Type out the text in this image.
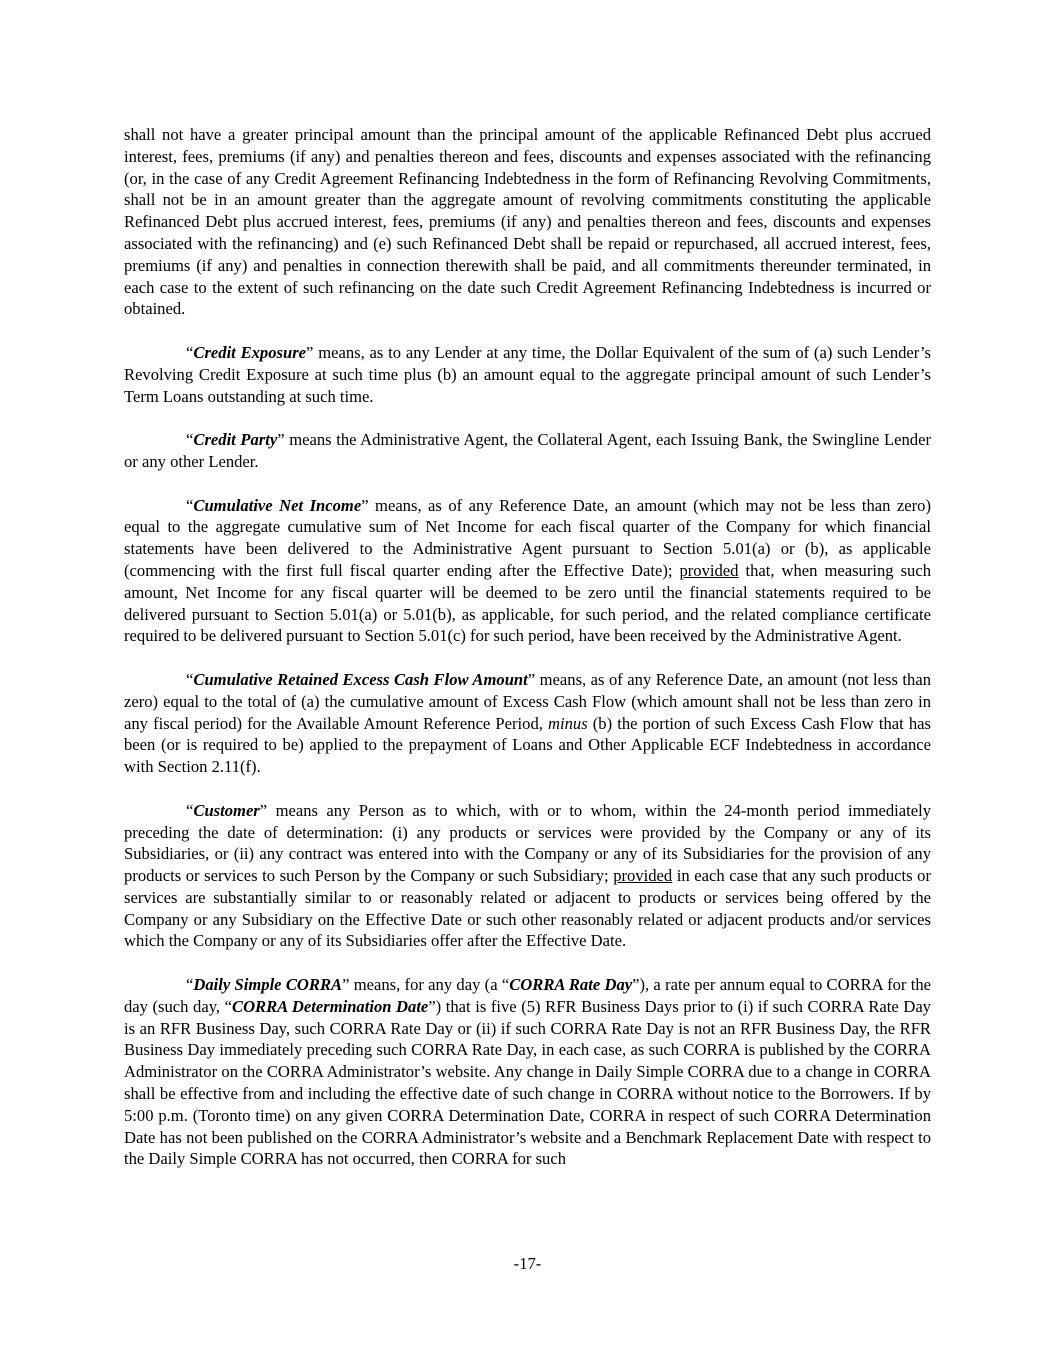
shall not have a greater principal amount than the principal amount of the applicable Refinanced Debt plus accrued interest, fees, premiums (if any) and penalties thereon and fees, discounts and expenses associated with the refinancing (or, in the case of any Credit Agreement Refinancing Indebtedness in the form of Refinancing Revolving Commitments, shall not be in an amount greater than the aggregate amount of revolving commitments constituting the applicable Refinanced Debt plus accrued interest, fees, premiums (if any) and penalties thereon and fees, discounts and expenses associated with the refinancing) and (e) such Refinanced Debt shall be repaid or repurchased, all accrued interest, fees, premiums (if any) and penalties in connection therewith shall be paid, and all commitments thereunder terminated, in each case to the extent of such refinancing on the date such Credit Agreement Refinancing Indebtedness is incurred or obtained.

“Credit Exposure” means, as to any Lender at any time, the Dollar Equivalent of the sum of (a) such Lender’s Revolving Credit Exposure at such time plus (b) an amount equal to the aggregate principal amount of such Lender’s Term Loans outstanding at such time.

“Credit Party” means the Administrative Agent, the Collateral Agent, each Issuing Bank, the Swingline Lender or any other Lender.

“Cumulative Net Income” means, as of any Reference Date, an amount (which may not be less than zero) equal to the aggregate cumulative sum of Net Income for each fiscal quarter of the Company for which financial statements have been delivered to the Administrative Agent pursuant to Section 5.01(a) or (b), as applicable (commencing with the first full fiscal quarter ending after the Effective Date); provided that, when measuring such amount, Net Income for any fiscal quarter will be deemed to be zero until the financial statements required to be delivered pursuant to Section 5.01(a) or 5.01(b), as applicable, for such period, and the related compliance certificate required to be delivered pursuant to Section 5.01(c) for such period, have been received by the Administrative Agent.

“Cumulative Retained Excess Cash Flow Amount” means, as of any Reference Date, an amount (not less than zero) equal to the total of (a) the cumulative amount of Excess Cash Flow (which amount shall not be less than zero in any fiscal period) for the Available Amount Reference Period, minus (b) the portion of such Excess Cash Flow that has been (or is required to be) applied to the prepayment of Loans and Other Applicable ECF Indebtedness in accordance with Section 2.11(f).

“Customer” means any Person as to which, with or to whom, within the 24-month period immediately preceding the date of determination: (i) any products or services were provided by the Company or any of its Subsidiaries, or (ii) any contract was entered into with the Company or any of its Subsidiaries for the provision of any products or services to such Person by the Company or such Subsidiary; provided in each case that any such products or services are substantially similar to or reasonably related or adjacent to products or services being offered by the Company or any Subsidiary on the Effective Date or such other reasonably related or adjacent products and/or services which the Company or any of its Subsidiaries offer after the Effective Date.

“Daily Simple CORRA” means, for any day (a “CORRA Rate Day”), a rate per annum equal to CORRA for the day (such day, “CORRA Determination Date”) that is five (5) RFR Business Days prior to (i) if such CORRA Rate Day is an RFR Business Day, such CORRA Rate Day or (ii) if such CORRA Rate Day is not an RFR Business Day, the RFR Business Day immediately preceding such CORRA Rate Day, in each case, as such CORRA is published by the CORRA Administrator on the CORRA Administrator’s website. Any change in Daily Simple CORRA due to a change in CORRA shall be effective from and including the effective date of such change in CORRA without notice to the Borrowers. If by 5:00 p.m. (Toronto time) on any given CORRA Determination Date, CORRA in respect of such CORRA Determination Date has not been published on the CORRA Administrator’s website and a Benchmark Replacement Date with respect to the Daily Simple CORRA has not occurred, then CORRA for such

-17-
